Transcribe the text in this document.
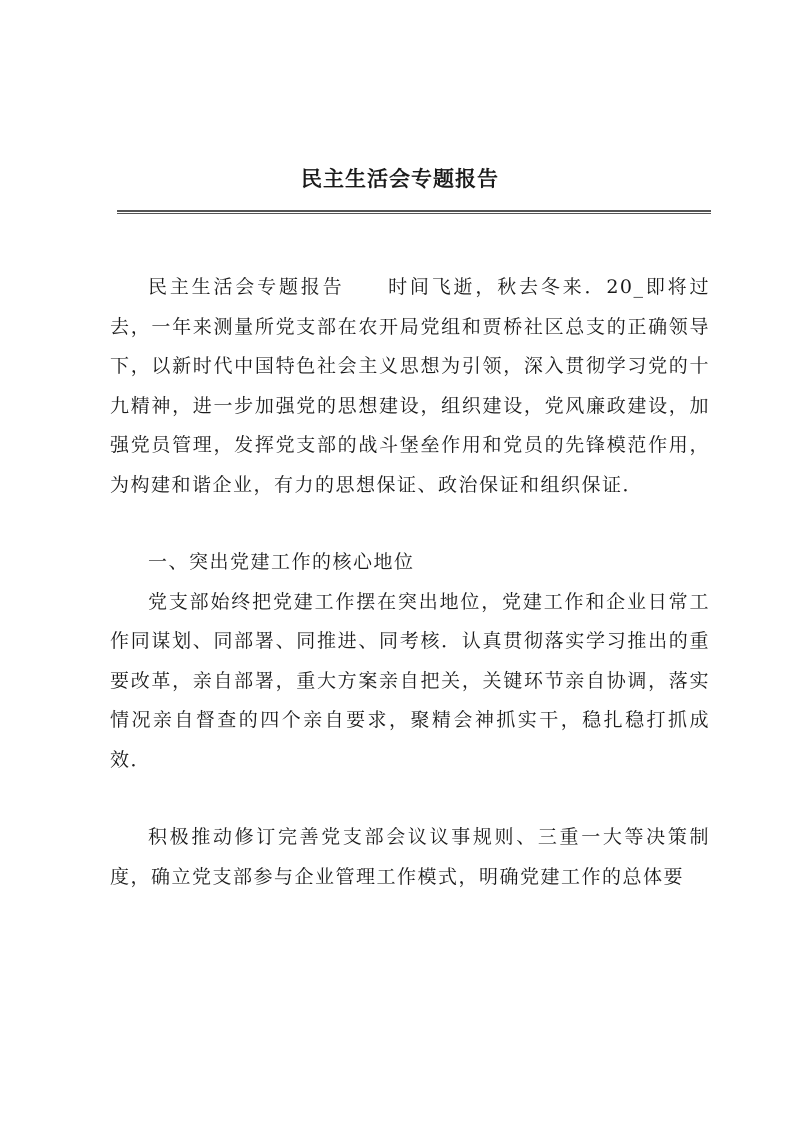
民主生活会专题报告

民主生活会专题报告　　时间飞逝，秋去冬来．20_即将过去，一年来测量所党支部在农开局党组和贾桥社区总支的正确领导下，以新时代中国特色社会主义思想为引领，深入贯彻学习党的十九精神，进一步加强党的思想建设，组织建设，党风廉政建设，加强党员管理，发挥党支部的战斗堡垒作用和党员的先锋模范作用，为构建和谐企业，有力的思想保证、政治保证和组织保证．

一、突出党建工作的核心地位

党支部始终把党建工作摆在突出地位，党建工作和企业日常工作同谋划、同部署、同推进、同考核．认真贯彻落实学习推出的重要改革，亲自部署，重大方案亲自把关，关键环节亲自协调，落实情况亲自督查的四个亲自要求，聚精会神抓实干，稳扎稳打抓成效．

积极推动修订完善党支部会议议事规则、三重一大等决策制度，确立党支部参与企业管理工作模式，明确党建工作的总体要
